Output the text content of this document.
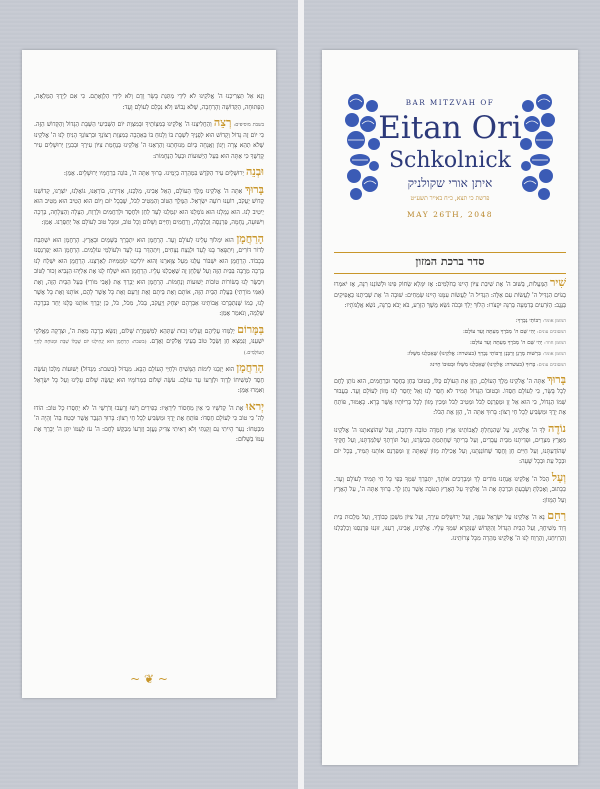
וְנָא אַל תַּצְרִיכֵנוּ ה' אֱלֹקֵינוּ לֹא לִידֵי מַתְּנַת בָּשָׂר וָדָם וְלֹא לִידֵי הַלְוָאָתָם. כִּי אִם לְיָדְךָ הַמְּלֵאָה, הַפְּתוּחָה, הַקְּדוֹשָׁה וְהָרְחָבָה, שֶׁלֹּא נֵבוֹשׁ וְלֹא נִכָּלֵם לְעוֹלָם וָעֶד:

בשבת מוסיפים: רְצֵה וְהַחֲלִיצֵנוּ ה' אֱלֹקֵינוּ בְּמִצְוֹתֶיךָ וּבְמִצְוַת יוֹם הַשְּׁבִיעִי הַשַּׁבָּת הַגָּדוֹל וְהַקָּדוֹשׁ הַזֶּה. כִּי יוֹם זֶה גָּדוֹל וְקָדוֹשׁ הוּא לְפָנֶיךָ לִשְׁבָּת בּוֹ וְלָנוּחַ בּוֹ בְּאַהֲבָה כְּמִצְוַת רְצוֹנֶךָ וּבִרְצוֹנְךָ הָנִיחַ לָנוּ ה' אֱלֹקֵינוּ שֶׁלֹּא תְהֵא צָרָה וְיָגוֹן וַאֲנָחָה בְּיוֹם מְנוּחָתֵנוּ וְהַרְאֵנוּ ה' אֱלֹקֵינוּ בְּנֶחָמַת צִיּוֹן עִירֶךָ וּבְבִנְיַן יְרוּשָׁלַיִם עִיר קָדְשֶׁךָ כִּי אַתָּה הוּא בַּעַל הַיְשׁוּעוֹת וּבַעַל הַנֶּחָמוֹת:

וּבְנֵה יְרוּשָׁלַיִם עִיר הַקֹּדֶשׁ בִּמְהֵרָה בְיָמֵינוּ. בָּרוּךְ אַתָּה ה', בּוֹנֵה בְרַחֲמָיו יְרוּשָׁלָיִם. אָמֵן:

בָּרוּךְ אַתָּה ה' אֱלֹקֵינוּ מֶלֶךְ הָעוֹלָם, הָאֵל אָבִינוּ, מַלְכֵּנוּ, אַדִּירֵנוּ, בּוֹרְאֵנוּ, גּוֹאֲלֵנוּ, יוֹצְרֵנוּ, קְדוֹשֵׁנוּ קְדוֹשׁ יַעֲקֹב, רוֹעֵנוּ רוֹעֵה יִשְׂרָאֵל. הַמֶּלֶךְ הַטּוֹב וְהַמֵּטִיב לַכֹּל, שֶׁבְּכָל יוֹם וָיוֹם הוּא הֵטִיב הוּא מֵטִיב הוּא יֵיטִיב לָנוּ. הוּא גְמָלָנוּ הוּא גוֹמְלֵנוּ הוּא יִגְמְלֵנוּ לָעַד לְחֵן וּלְחֶסֶד וּלְרַחֲמִים וּלְרֶוַח, הַצָּלָה וְהַצְלָחָה, בְּרָכָה וִישׁוּעָה, נֶחָמָה, פַּרְנָסָה וְכַלְכָּלָה, וְרַחֲמִים וְחַיִּים וְשָׁלוֹם וְכָל טוֹב, וּמִכָּל טוּב לְעוֹלָם אַל יְחַסְּרֵנוּ. אָמֵן:

הָרַחֲמָן הוּא יִמְלוֹךְ עָלֵינוּ לְעוֹלָם וָעֶד. הָרַחֲמָן הוּא יִתְבָּרַךְ בַּשָּׁמַיִם וּבָאָרֶץ. הָרַחֲמָן הוּא יִשְׁתַּבַּח לְדוֹר דּוֹרִים, וְיִתְפָּאַר בָּנוּ לָעַד וּלְנֵצַח נְצָחִים, וְיִתְהַדַּר בָּנוּ לָעַד וּלְעוֹלְמֵי עוֹלָמִים. הָרַחֲמָן הוּא יְפַרְנְסֵנוּ בְּכָבוֹד. הָרַחֲמָן הוּא יִשְׁבּוֹר עֻלֵּנוּ מֵעַל צַוָּארֵנוּ וְהוּא יוֹלִיכֵנוּ קוֹמְמִיּוּת לְאַרְצֵנוּ. הָרַחֲמָן הוּא יִשְׁלַח לָנוּ בְּרָכָה מְרֻבָּה בַּבַּיִת הַזֶּה וְעַל שֻׁלְחָן זֶה שֶׁאָכַלְנוּ עָלָיו. הָרַחֲמָן הוּא יִשְׁלַח לָנוּ אֶת אֵלִיָּהוּ הַנָּבִיא זָכוּר לַטּוֹב וִיבַשֶּׂר לָנוּ בְּשׂוֹרוֹת טוֹבוֹת יְשׁוּעוֹת וְנֶחָמוֹת. הָרַחֲמָן הוּא יְבָרֵךְ אֶת (אָבִי מוֹרִי) בַּעַל הַבַּיִת הַזֶּה, וְאֶת (אִמִּי מוֹרָתִי) בַּעֲלַת הַבַּיִת הַזֶּה, אוֹתָם וְאֶת בֵּיתָם וְאֶת זַרְעָם וְאֶת כָּל אֲשֶׁר לָהֶם, אוֹתָנוּ וְאֶת כָּל אֲשֶׁר לָנוּ, כְּמוֹ שֶׁנִּתְבָּרְכוּ אֲבוֹתֵינוּ אַבְרָהָם יִצְחָק וְיַעֲקֹב, בַּכֹּל, מִכֹּל, כֹּל, כֵּן יְבָרֵךְ אוֹתָנוּ כֻּלָּנוּ יַחַד בִּבְרָכָה שְׁלֵמָה, וְנֹאמַר אָמֵן:

בַּמָּרוֹם יְלַמְּדוּ עֲלֵיהֶם וְעָלֵינוּ זְכוּת שֶׁתְּהֵא לְמִשְׁמֶרֶת שָׁלוֹם, וְנִשָּׂא בְרָכָה מֵאֵת ה', וּצְדָקָה מֵאֱלֹקֵי יִשְׁעֵנוּ, וְנִמְצָא חֵן וְשֵׂכֶל טוֹב בְּעֵינֵי אֱלֹקִים וְאָדָם. (בשבת: הָרַחֲמָן הוּא יַנְחִילֵנוּ יוֹם שֶׁכֻּלּוֹ שַׁבָּת וּמְנוּחָה לְחַיֵּי הָעוֹלָמִים.)

הָרַחֲמָן הוּא יְזַכֵּנוּ לִימוֹת הַמָּשִׁיחַ וּלְחַיֵּי הָעוֹלָם הַבָּא. מִגְדּוֹל (בשבת: מִגְדּוֹל) יְשׁוּעוֹת מַלְכּוֹ וְעֹשֶׂה חֶסֶד לִמְשִׁיחוֹ לְדָוִד וּלְזַרְעוֹ עַד עוֹלָם. עֹשֶׂה שָׁלוֹם בִּמְרוֹמָיו הוּא יַעֲשֶׂה שָׁלוֹם עָלֵינוּ וְעַל כָּל יִשְׂרָאֵל וְאִמְרוּ אָמֵן:

יְראוּ אֶת ה' קְדֹשָׁיו כִּי אֵין מַחְסוֹר לִירֵאָיו: כְּפִירִים רָשׁוּ וְרָעֵבוּ וְדֹרְשֵׁי ה' לֹא יַחְסְרוּ כָל טוֹב: הוֹדוּ לַה' כִּי טוֹב כִּי לְעוֹלָם חַסְדּוֹ: פּוֹתֵחַ אֶת יָדֶךָ וּמַשְׂבִּיעַ לְכָל חַי רָצוֹן: בָּרוּךְ הַגֶּבֶר אֲשֶׁר יִבְטַח בַּה' וְהָיָה ה' מִבְטַחוֹ: נַעַר הָיִיתִי גַּם זָקַנְתִּי וְלֹא רָאִיתִי צַדִּיק נֶעֱזָב וְזַרְעוֹ מְבַקֶּשׁ לָחֶם: ה' עֹז לְעַמּוֹ יִתֵּן ה' יְבָרֵךְ אֶת עַמּוֹ בַשָּׁלוֹם:

~ ❦ ~
BAR MITZVAH OF
Eitan Ori
Schkolnick
איתן אורי שקולניק
פרשת כי תצא, כ״ח באייר תשע״ט
MAY 26TH, 2048
סדר ברכת המזון

שִׁיר הַמַּעֲלוֹת, בְּשׁוּב ה' אֶת שִׁיבַת צִיּוֹן הָיִינוּ כְּחֹלְמִים: אָז יִמָּלֵא שְׂחוֹק פִּינוּ וּלְשׁוֹנֵנוּ רִנָּה, אָז יֹאמְרוּ בַגּוֹיִם הִגְדִּיל ה' לַעֲשׂוֹת עִם אֵלֶּה: הִגְדִּיל ה' לַעֲשׂוֹת עִמָּנוּ הָיִינוּ שְׂמֵחִים: שׁוּבָה ה' אֶת שְׁבִיתֵנוּ כַּאֲפִיקִים בַּנֶּגֶב: הַזֹּרְעִים בְּדִמְעָה בְּרִנָּה יִקְצֹרוּ: הָלוֹךְ יֵלֵךְ וּבָכֹה נֹשֵׂא מֶשֶׁךְ הַזָּרַע, בֹּא יָבֹא בְרִנָּה, נֹשֵׂא אֲלֻמֹּתָיו:

המזמן אומר: רַבּוֹתַי נְבָרֵךְ:

המסובים עונים: יְהִי שֵׁם ה' מְבֹרָךְ מֵעַתָּה וְעַד עוֹלָם:

המזמן חוזר: יְהִי שֵׁם ה' מְבֹרָךְ מֵעַתָּה וְעַד עוֹלָם:

המזמן אומר: בִּרְשׁוּת מָרָנָן וְרַבָּנָן וְרַבּוֹתַי נְבָרֵךְ (בעשרה: אֱלֹקֵינוּ) שֶׁאָכַלְנוּ מִשֶּׁלּוֹ:

המסובים עונים: בָּרוּךְ (בעשרה: אֱלֹקֵינוּ) שֶׁאָכַלְנוּ מִשֶּׁלּוֹ וּבְטוּבוֹ חָיִינוּ:

בָּרוּךְ אַתָּה ה' אֱלֹקֵינוּ מֶלֶךְ הָעוֹלָם, הַזָּן אֶת הָעוֹלָם כֻּלּוֹ, בְּטוּבוֹ בְּחֵן בְּחֶסֶד וּבְרַחֲמִים, הוּא נוֹתֵן לֶחֶם לְכָל בָּשָׂר, כִּי לְעוֹלָם חַסְדּוֹ. וּבְטוּבוֹ הַגָּדוֹל תָּמִיד לֹא חָסַר לָנוּ וְאַל יֶחְסַר לָנוּ מָזוֹן לְעוֹלָם וָעֶד. בַּעֲבוּר שְׁמוֹ הַגָּדוֹל, כִּי הוּא אֵל זָן וּמְפַרְנֵס לַכֹּל וּמֵטִיב לַכֹּל וּמֵכִין מָזוֹן לְכָל בְּרִיּוֹתָיו אֲשֶׁר בָּרָא. כָּאָמוּר, פּוֹתֵחַ אֶת יָדֶךָ וּמַשְׂבִּיעַ לְכָל חַי רָצוֹן: בָּרוּךְ אַתָּה ה', הַזָּן אֶת הַכֹּל:

נוֹדֶה לְּךָ ה' אֱלֹקֵינוּ, עַל שֶׁהִנְחַלְתָּ לַאֲבוֹתֵינוּ אֶרֶץ חֶמְדָּה טוֹבָה וּרְחָבָה, וְעַל שֶׁהוֹצֵאתָנוּ ה' אֱלֹקֵינוּ מֵאֶרֶץ מִצְרַיִם, וּפְדִיתָנוּ מִבֵּית עֲבָדִים, וְעַל בְּרִיתְךָ שֶׁחָתַמְתָּ בִּבְשָׂרֵנוּ, וְעַל תּוֹרָתְךָ שֶׁלִּמַּדְתָּנוּ, וְעַל חֻקֶּיךָ שֶׁהוֹדַעְתָּנוּ, וְעַל חַיִּים חֵן וָחֶסֶד שֶׁחוֹנַנְתָּנוּ, וְעַל אֲכִילַת מָזוֹן שָׁאַתָּה זָן וּמְפַרְנֵס אוֹתָנוּ תָּמִיד, בְּכָל יוֹם וּבְכָל עֵת וּבְכָל שָׁעָה:

וְעַל הַכֹּל ה' אֱלֹקֵינוּ אֲנַחְנוּ מוֹדִים לָךְ וּמְבָרְכִים אוֹתָךְ, יִתְבָּרַךְ שִׁמְךָ בְּפִי כָּל חַי תָּמִיד לְעוֹלָם וָעֶד. כַּכָּתוּב, וְאָכַלְתָּ וְשָׂבָעְתָּ וּבֵרַכְתָּ אֶת ה' אֱלֹקֶיךָ עַל הָאָרֶץ הַטֹּבָה אֲשֶׁר נָתַן לָךְ. בָּרוּךְ אַתָּה ה', עַל הָאָרֶץ וְעַל הַמָּזוֹן:

רַחֵם נָא ה' אֱלֹקֵינוּ עַל יִשְׂרָאֵל עַמֶּךָ, וְעַל יְרוּשָׁלַיִם עִירֶךָ, וְעַל צִיּוֹן מִשְׁכַּן כְּבוֹדֶךָ, וְעַל מַלְכוּת בֵּית דָּוִד מְשִׁיחֶךָ, וְעַל הַבַּיִת הַגָּדוֹל וְהַקָּדוֹשׁ שֶׁנִּקְרָא שִׁמְךָ עָלָיו. אֱלֹקֵינוּ, אָבִינוּ, רְעֵנוּ, זוּנֵנוּ פַּרְנְסֵנוּ וְכַלְכְּלֵנוּ וְהַרְוִיחֵנוּ, וְהַרְוַח לָנוּ ה' אֱלֹקֵינוּ מְהֵרָה מִכָּל צָרוֹתֵינוּ.
